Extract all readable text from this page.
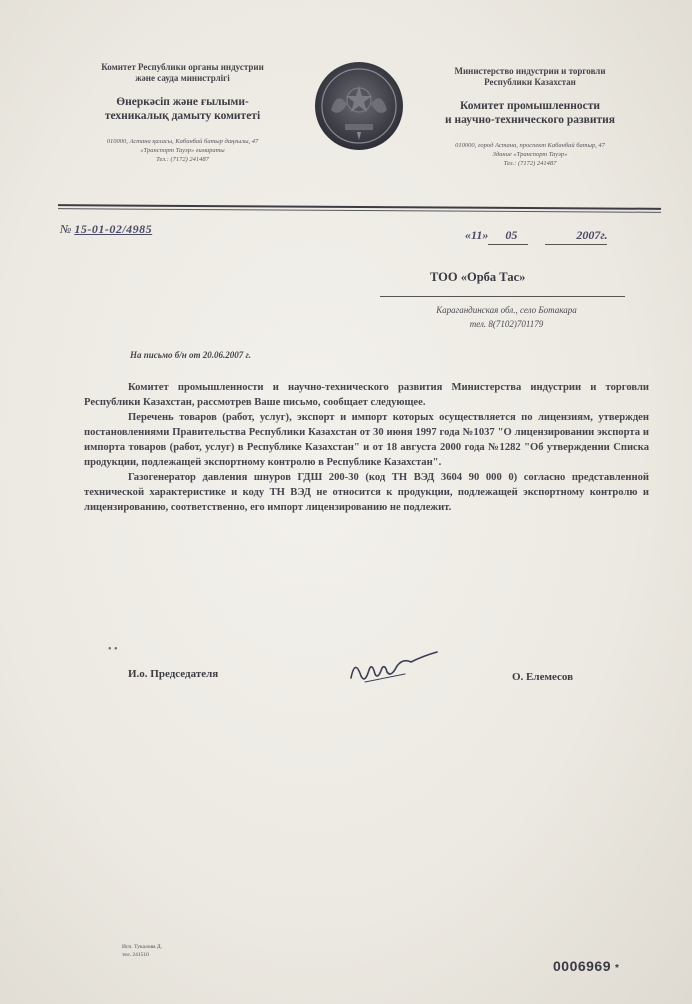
Комитет Республики органы индустрии
және сауда министрлігі
Өнеркәсіп және ғылыми-
техникалық дамыту комитеті
010000, Астана қаласы, Кабанбай батыр даңғылы, 47
«Транспорт Тауэр» ғимараты
Тел.: (7172) 241487
Министерство индустрии и торговли
Республики Казахстан
Комитет промышленности
и научно-технического развития
010000, город Астана, проспект Кабанбай батыр, 47
Здание «Транспорт Тауэр»
Тел.: (7172) 241487
№ 15-01-02/4985	«11» 05	2007г.
ТОО «Орба Тас»
Карагандинская обл., село Ботакара
тел. 8(7102)701179
На письмо б/н от 20.06.2007 г.

Комитет промышленности и научно-технического развития Министерства индустрии и торговли Республики Казахстан, рассмотрев Ваше письмо, сообщает следующее.

Перечень товаров (работ, услуг), экспорт и импорт которых осуществляется по лицензиям, утвержден постановлениями Правительства Республики Казахстан от 30 июня 1997 года №1037 "О лицензировании экспорта и импорта товаров (работ, услуг) в Республике Казахстан" и от 18 августа 2000 года №1282 "Об утверждении Списка продукции, подлежащей экспортному контролю в Республике Казахстан".

Газогенератор давления шнуров ГДШ 200-30 (код ТН ВЭД 3604 90 000 0) согласно представленной технической характеристике и коду ТН ВЭД не относится к продукции, подлежащей экспортному контролю и лицензированию, соответственно, его импорт лицензированию не подлежит.

• •
И.о. Председателя	О. Елемесов
Исп. Тукалова Д.
тел. 241510
0006969 *
